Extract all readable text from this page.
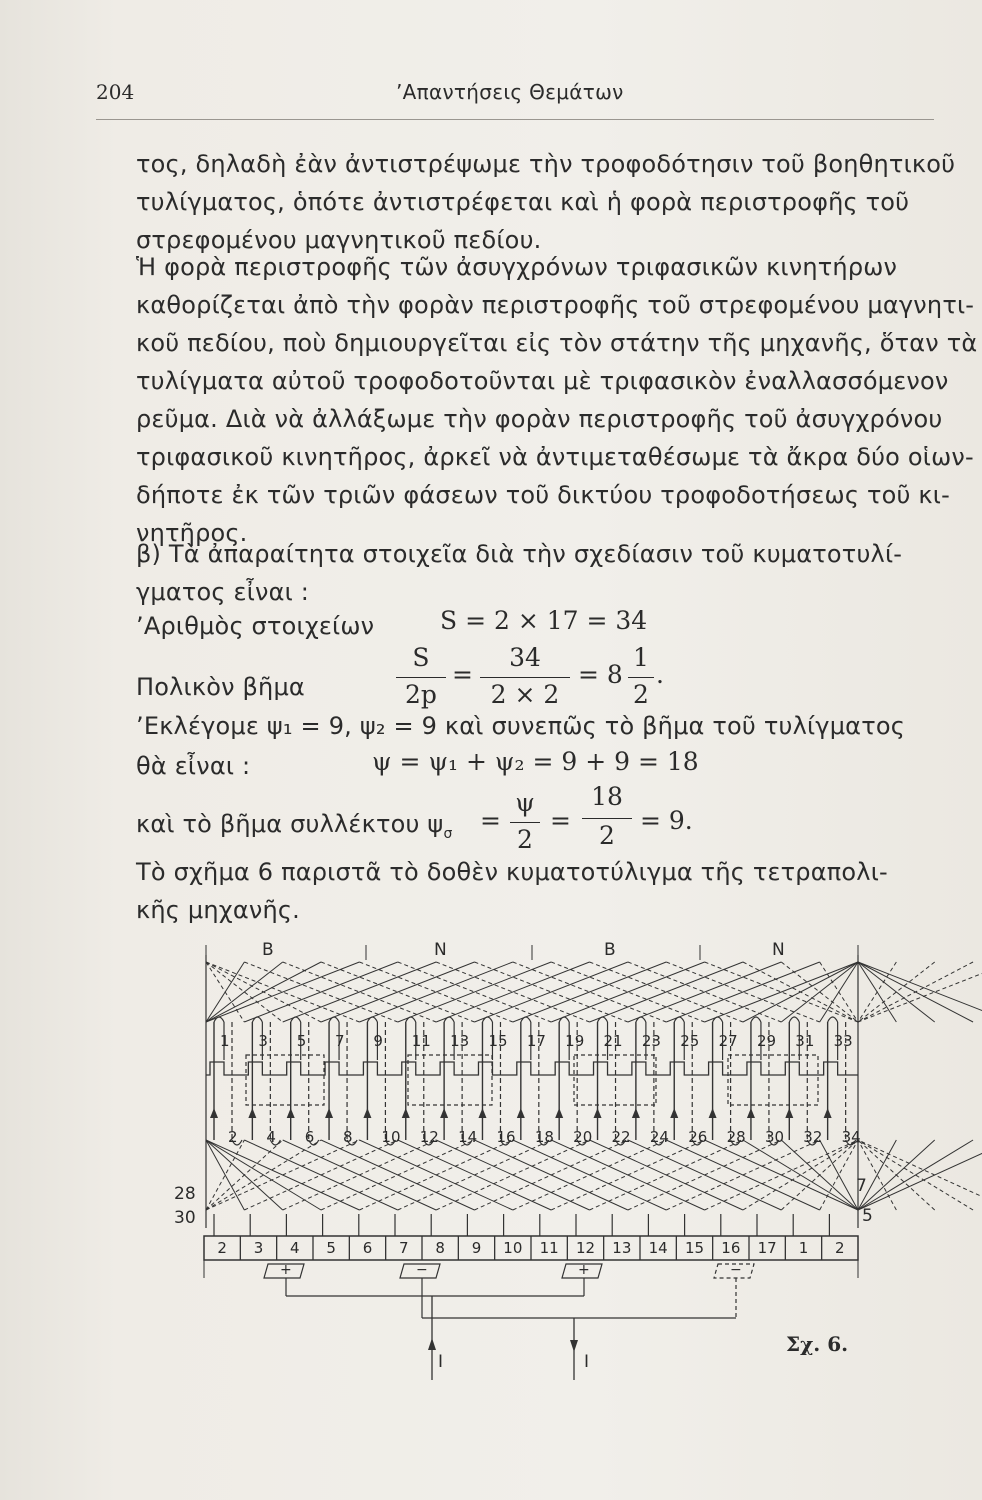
204	’Απαντήσεις Θεμάτων
τος, δηλαδὴ ἐὰν ἀντιστρέψωμε τὴν τροφοδότησιν τοῦ βοηθητικοῦ
τυλίγματος, ὁπότε ἀντιστρέφεται καὶ ἡ φορὰ περιστροφῆς τοῦ
στρεφομένου μαγνητικοῦ πεδίου.
Ἡ φορὰ περιστροφῆς τῶν ἀσυγχρόνων τριφασικῶν κινητήρων
καθορίζεται ἀπὸ τὴν φορὰν περιστροφῆς τοῦ στρεφομένου μαγνητι-
κοῦ πεδίου, ποὺ δημιουργεῖται εἰς τὸν στάτην τῆς μηχανῆς, ὅταν τὰ
τυλίγματα αὐτοῦ τροφοδοτοῦνται μὲ τριφασικὸν ἐναλλασσόμενον
ρεῦμα. Διὰ νὰ ἀλλάξωμε τὴν φορὰν περιστροφῆς τοῦ ἀσυγχρόνου
τριφασικοῦ κινητῆρος, ἀρκεῖ νὰ ἀντιμεταθέσωμε τὰ ἄκρα δύο οἱων-
δήποτε ἐκ τῶν τριῶν φάσεων τοῦ δικτύου τροφοδοτήσεως τοῦ κι-
νητῆρος.
β) Τὰ ἀπαραίτητα στοιχεῖα διὰ τὴν σχεδίασιν τοῦ κυματοτυλί-
γματος εἶναι :
’Αριθμὸς στοιχείων	S = 2 × 17 = 34
Πολικὸν βῆμα
S
2p
=
34
2 × 2
= 8
1
2
.
’Εκλέγομε ψ₁ = 9, ψ₂ = 9 καὶ συνεπῶς τὸ βῆμα τοῦ τυλίγματος
θὰ εἶναι :	ψ = ψ₁ + ψ₂ = 9 + 9 = 18
καὶ τὸ βῆμα συλλέκτου $\psi_\sigma$ =
ψ
2
=
18
2
= 9.
Τὸ σχῆμα 6 παριστᾶ τὸ δοθὲν κυματοτύλιγμα τῆς τετραπολι-
κῆς μηχανῆς.
B	N	B	N
1 3 5 7 9 11 13 15 17 19 21 23 25 27 29 31 33
2 4 6 8 10 12 14 16 18 20 22 24 26 28 30 32 34
28
30
7
5
2	3	4	5	6	7	8	9	10 11 12 13 14 15 16 17	1	2
+	−	+	−
I	I
Σχ. 6.
